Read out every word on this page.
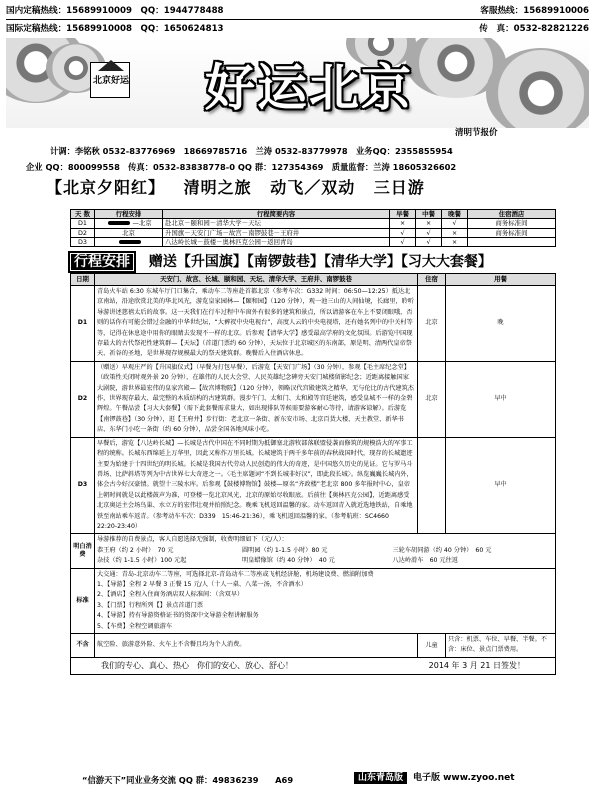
国内定稿热线：15689910009　QQ：1944778488
国际定稿热线：15689910008　QQ：1650624813
客服热线：15689910006
传　真：0532-82821226
北京好运 好运北京
清明节报价
计调：李铭秋 0532-83776969　18669785716　兰涛 0532-83779978　业务QQ：2355855954
企业 QQ：800099558　传真：0532-83838778-0 QQ 群：127354369　质量监督：兰涛 18605326602
【北京夕阳红】 清明之旅 动飞／双动 三日游
天 数	行程安排	行程简要内容	早餐	中餐	晚餐	住宿酒店
D1	—北京	赴北京－颐和园－清华大学－天坛	×	×	√	商务标准间
D2	北京	升国旗－天安门广场－故宫－南锣鼓巷－王府井	√	√	×	商务标准间
D3		八达岭长城－鼓楼－奥林匹克公园－返回青岛	√	√	×	
行程安排 赠送【升国旗】【南锣鼓巷】【清华大学】【习大大套餐】
日期	天安门、故宫、长城、颐和园、天坛、清华大学、王府井、南锣鼓巷	住宿	用餐
D1	青岛火车站 6:30 东城车厅门口集合，乘动车二等座赴首都北京（参考车次：G332 时间：06:50—12:25）抵达北京南站，沿途欣赏北美的华北风光，游览皇家园林—【颐和园】（120 分钟），观一池三山的人间仙境，长廊里，聆听导游讲述慈禧太后的故事。这一天我们在行车过程中车窗外有很多的建筑和景点，所以请游客在车上不要闭眼哦，否则的话你有可能会错过金融的中华世纪坛，“大裤衩中央电视台”，高度人云的中央电视塔，还有她名列中的中关村等等，记得在休息途中用你的眼睛去发现不一样的北京。后参观【清华大学】感受最高学府的文化氛围。后游览中国现存最大的古代祭祀性建筑群—【天坛】（首道门票约 60 分钟），天坛位于北京城区的东南部，原是明、清两代皇帝祭天、祈谷的圣地，是世界现存规模最大的祭天建筑群。晚餐后入住酒店休息。	北京	晚
D2	（赠送）早观庄严的【升国旗仪式】（早餐为打包早餐），后游览【天安门广场】（30 分钟），参观【毛主席纪念堂】（政策性关闭时观外景 20 分钟），在雄伟的人民大会堂、人民英雄纪念碑旁天安门城楼留影纪念；近距离接触国家大剧院，游世界最宏伟的皇家宫殿—【故宫博物院】（120 分钟），领略汉代宫殿建筑之精华，无与伦比的古代建筑杰作，世界现存最大、最完整的木质结构的古建筑群。漫步午门、太和门、太和殿等宫廷建筑，感受皇城不一样的金碧辉煌。午餐品尝【习大大套餐】（需下此套餐需求量大，如出现排队等候需要游客耐心等待，请游客谅解）。后游览【南锣鼓巷】（30 分钟），逛【王府井】步行街：老北京一条街、新东安市场、北京百货大楼、天主教堂、新华书店、东华门小吃一条街（约 60 分钟），品尝全国各地风味小吃。	北京	早中
D3	早餐后，游览【八达岭长城】—长城是古代中国在不同时期为抵御塞北游牧部落联盟侵袭而修筑的规模浩大的军事工程的统称。长城东西绵延上万华里，因此又称作万里长城。长城建筑于两千多年前的春秋战国时代，现存的长城遗迹主要为始建于十四世纪的明长城。长城是我国古代劳动人民创造的伟大的奇迹，是中国悠久历史的见证。它与罗马斗兽场、比萨斜塔等列为中古世界七大奇迹之一。〈毛主席题词“不到长城非好汉”，即此段长城〉。纵览巍巍长城内外，体会古今好汉豪情。就望十三陵水库。后参观【鼓楼博物馆】鼓楼—原名“齐政楼”老北京 800 多年报时中心，皇帝上朝时间就是以此楼鼓声为准，可登楼一览北京风光，北京的原始尽收眼底。后前往【奥林匹克公园】，近距离感受北京奥运主会场鸟巢、水立方的宏伟壮观并拍照纪念。晚乘飞机返回温馨的家。动车返回青入就近选地铁站，自乘地铁至南站乘车返青。（参考动车车次：D339　15:46-21:36），乘飞机返回温馨的家。（参考航班：SC4660　22:20-23:40）		早中
明白消费	
导游推荐的自费景点，客人自愿选择无强制，收费明细如下（元/人）：
恭王府（约 2 小时）　70 元	圆明园（约 1-1.5 小时）80 元	三轮车胡同游（约 40 分钟）　60 元
杂技（约 1-1.5 小时）100 元起	明皇蜡像馆（约 40 分钟）　40 元	八达岭滑车　60 元往返

标准	
大交通：青岛-北京动车二等座，可选择北京-青岛动车二等座或飞机经济舱，机场建设费、燃油附加费
1、【导游】全程 2 早餐 3 正餐 15 元/人（十人一桌、八菜一汤，不含酒水）
2、【酒店】全程入住商务酒店双人标准间：（含双早）
3、【门票】行程所列【】景点首道门票
4、【导游】持有导游资格证书的资深中文导游全程讲解服务
5、【车费】全程空调旅游车

不含	航空险、旅游意外险、火车上不含餐且均为个人消费。	儿童	只含：机票、车位、早餐、半餐。不含：床位、景点门票费用。
我们的专心、真心、热心　你们的安心、放心、舒心！	2014 年 3 月 21 日签发！
“信游天下”同业业务交流 QQ 群：49836239　　A69	山东青岛版 电子版 www.zyoo.net
